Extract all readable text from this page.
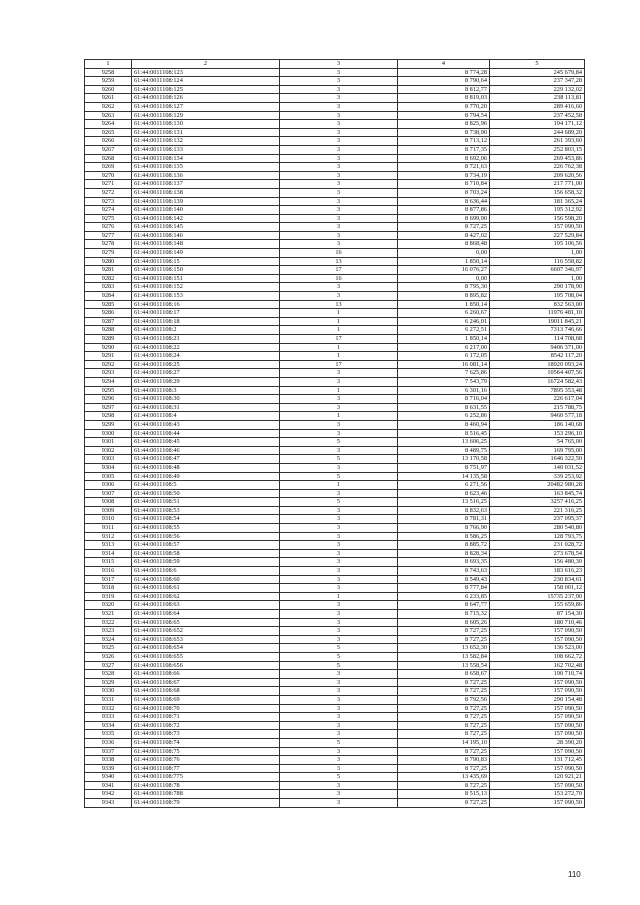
1	2	3	4	5
9258	61:44:0011108:123	3	8 774,28	245 679,84
9259	61:44:0011108:124	3	8 790,64	237 347,28
9260	61:44:0011108:125	3	8 812,77	229 132,02
9261	61:44:0011108:126	3	8 819,03	238 113,81
9262	61:44:0011108:127	3	8 770,20	289 416,60
9263	61:44:0011108:129	3	8 794,54	237 452,58
9264	61:44:0011108:130	3	8 825,96	194 171,12
9265	61:44:0011108:131	3	8 738,90	244 689,20
9266	61:44:0011108:132	3	8 713,12	261 393,60
9267	61:44:0011108:133	3	8 717,35	252 803,15
9268	61:44:0011108:134	3	8 692,06	269 453,86
9269	61:44:0011108:135	3	8 721,63	226 762,38
9270	61:44:0011108:136	3	8 734,19	209 620,56
9271	61:44:0011108:137	3	8 710,84	217 771,00
9272	61:44:0011108:138	3	8 703,24	156 658,32
9273	61:44:0011108:139	3	8 636,44	181 365,24
9274	61:44:0011108:140	3	8 877,86	195 312,92
9275	61:44:0011108:142	3	8 699,90	156 598,20
9276	61:44:0011108:145	3	8 727,25	157 090,50
9277	61:44:0011108:146	3	8 427,02	227 529,84
9278	61:44:0011108:148	3	8 868,48	195 106,56
9279	61:44:0011108:149	16	0,00	1,00
9280	61:44:0011108:15	13	1 850,14	116 558,82
9281	61:44:0011108:150	17	16 076,27	6607 346,97
9282	61:44:0011108:151	16	0,00	1,00
9283	61:44:0011108:152	3	8 795,30	290 178,90
9284	61:44:0011108:153	3	8 895,82	195 708,04
9285	61:44:0011108:16	13	1 850,14	832 563,00
9286	61:44:0011108:17	1	6 260,67	11976 481,10
9287	61:44:0011108:18	1	6 246,01	19011 845,21
9288	61:44:0011108:2	1	6 272,51	7313 746,66
9289	61:44:0011108:21	17	1 850,14	114 708,68
9290	61:44:0011108:22	1	6 217,00	9406 371,00
9291	61:44:0011108:24	1	6 172,05	8542 117,20
9292	61:44:0011108:25	17	16 081,14	18920 093,24
9293	61:44:0011108:27	3	7 625,86	10564 407,56
9294	61:44:0011108:29	3	7 543,79	16724 582,43
9295	61:44:0011108:3	1	6 301,16	7895 353,48
9296	61:44:0011108:30	3	8 716,04	226 617,04
9297	61:44:0011108:31	3	8 631,55	215 788,75
9298	61:44:0011108:4	1	6 252,86	9460 577,18
9299	61:44:0011108:43	3	8 460,94	186 140,68
9300	61:44:0011108:44	3	8 516,45	153 296,10
9301	61:44:0011108:45	5	13 606,25	54 765,00
9302	61:44:0011108:46	3	8 489,75	169 795,00
9303	61:44:0011108:47	5	13 170,58	1646 322,50
9304	61:44:0011108:48	3	8 751,97	140 031,52
9305	61:44:0011108:49	5	14 135,58	339 253,92
9306	61:44:0011108:5	1	6 271,56	20482 980,28
9307	61:44:0011108:50	3	8 623,46	163 845,74
9308	61:44:0011108:51	5	13 516,25	3257 416,25
9309	61:44:0011108:53	3	8 832,63	221 316,25
9310	61:44:0011108:54	3	8 781,31	237 095,37
9311	61:44:0011108:55	3	8 766,90	280 540,80
9312	61:44:0011108:56	3	8 586,25	128 793,75
9313	61:44:0011108:57	3	8 885,72	231 028,72
9314	61:44:0011108:58	3	8 828,34	273 678,54
9315	61:44:0011108:59	3	8 693,35	156 480,30
9316	61:44:0011108:6	3	8 743,63	183 616,23
9317	61:44:0011108:60	3	8 549,43	230 834,61
9318	61:44:0011108:61	3	8 777,84	158 001,12
9319	61:44:0011108:62	1	6 233,85	15735 237,90
9320	61:44:0011108:63	3	8 647,77	155 659,86
9321	61:44:0011108:64	3	8 715,32	87 154,30
9322	61:44:0011108:65	3	8 605,26	180 710,46
9323	61:44:0011108:652	3	8 727,25	157 090,50
9324	61:44:0011108:653	3	8 727,25	157 090,50
9325	61:44:0011108:654	5	13 652,30	136 523,00
9326	61:44:0011108:655	5	13 582,84	108 662,72
9327	61:44:0011108:656	5	13 558,54	162 702,48
9328	61:44:0011108:66	3	8 658,67	190 710,74
9329	61:44:0011108:67	3	8 727,25	157 090,50
9330	61:44:0011108:68	3	8 727,25	157 090,50
9331	61:44:0011108:69	3	8 792,56	290 154,48
9332	61:44:0011108:70	3	8 727,25	157 090,50
9333	61:44:0011108:71	3	8 727,25	157 090,50
9334	61:44:0011108:72	3	8 727,25	157 090,50
9335	61:44:0011108:73	3	8 727,25	157 090,50
9336	61:44:0011108:74	5	14 195,10	28 390,20
9337	61:44:0011108:75	3	8 727,25	157 090,50
9338	61:44:0011108:76	3	8 790,83	131 712,45
9339	61:44:0011108:77	3	8 727,25	157 090,50
9340	61:44:0011108:775	5	13 435,69	120 921,21
9341	61:44:0011108:78	3	8 727,25	157 090,50
9342	61:44:0011108:788	3	8 515,13	153 272,70
9343	61:44:0011108:79	3	8 727,25	157 090,50
110
